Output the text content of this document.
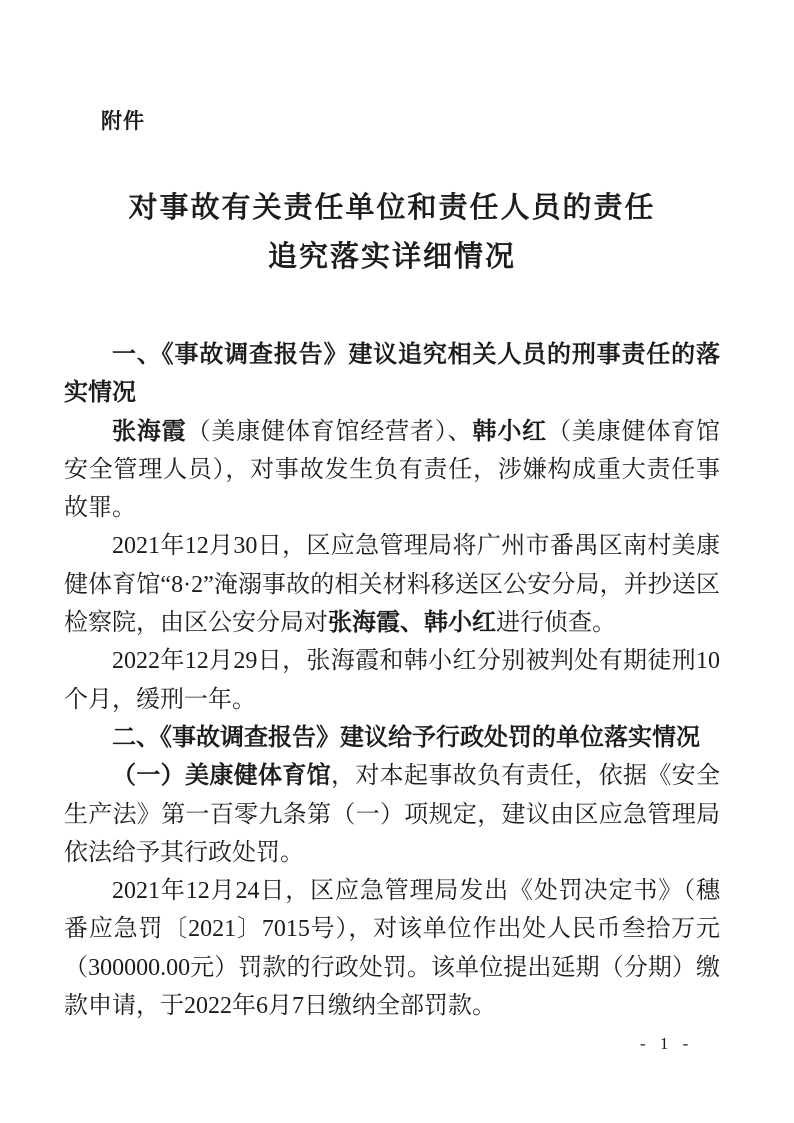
附件
对事故有关责任单位和责任人员的责任
追究落实详细情况

一、《事故调查报告》建议追究相关人员的刑事责任的落实情况

张海霞（美康健体育馆经营者）、韩小红（美康健体育馆安全管理人员），对事故发生负有责任，涉嫌构成重大责任事故罪。

2021年12月30日，区应急管理局将广州市番禺区南村美康健体育馆“8·2”淹溺事故的相关材料移送区公安分局，并抄送区检察院，由区公安分局对张海霞、韩小红进行侦查。

2022年12月29日，张海霞和韩小红分别被判处有期徒刑10个月，缓刑一年。

二、《事故调查报告》建议给予行政处罚的单位落实情况

（一）美康健体育馆，对本起事故负有责任，依据《安全生产法》第一百零九条第（一）项规定，建议由区应急管理局依法给予其行政处罚。

2021年12月24日，区应急管理局发出《处罚决定书》（穗番应急罚〔2021〕7015号），对该单位作出处人民币叁拾万元（300000.00元）罚款的行政处罚。该单位提出延期（分期）缴款申请，于2022年6月7日缴纳全部罚款。

- 1 -
